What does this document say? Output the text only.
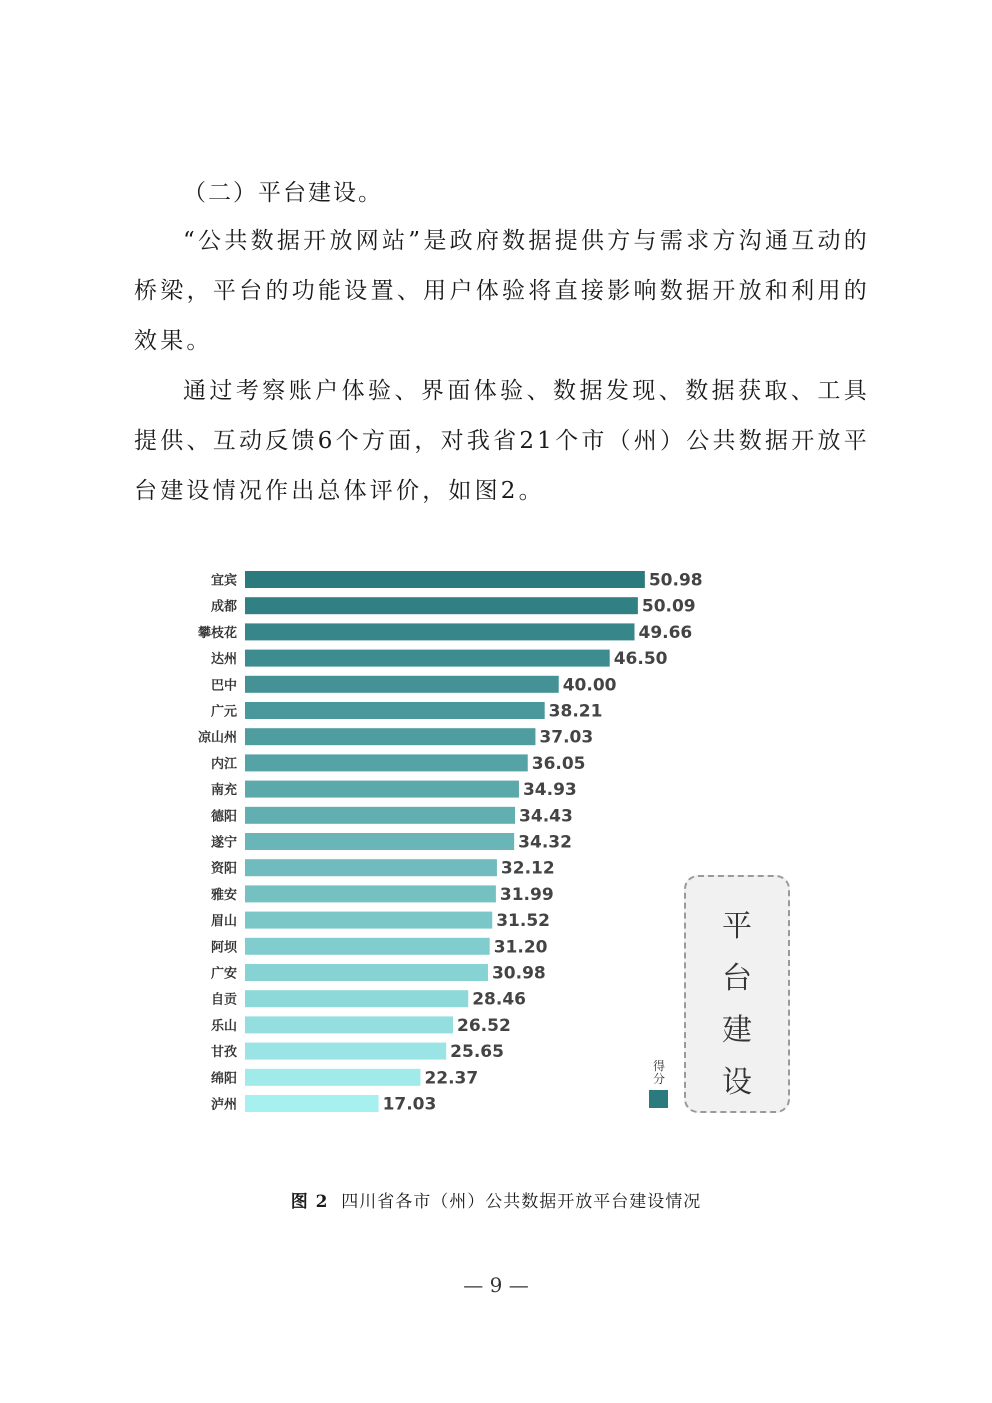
（二）平台建设。

“公共数据开放网站”是政府数据提供方与需求方沟通互动的桥梁，平台的功能设置、用户体验将直接影响数据开放和利用的效果。

通过考察账户体验、界面体验、数据发现、数据获取、工具提供、互动反馈6个方面，对我省21个市（州）公共数据开放平台建设情况作出总体评价，如图2。

宜宾	50.98
成都	50.09
攀枝花	49.66
达州	46.50
巴中	40.00
广元	38.21
凉山州	37.03
内江	36.05
南充	34.93
德阳	34.43
遂宁	34.32
资阳	32.12
雅安	31.99
眉山	31.52
阿坝	31.20
广安	30.98
自贡	28.46
乐山	26.52
甘孜	25.65
绵阳	22.37
泸州	17.03
平
台
建
设
得
分
图 2 四川省各市（州）公共数据开放平台建设情况
— 9 —
